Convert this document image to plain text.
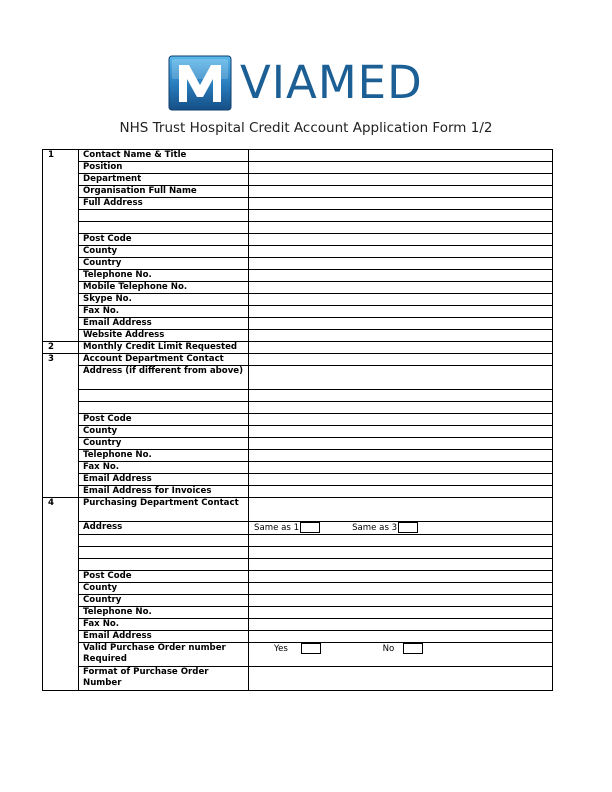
VIAMED
NHS Trust Hospital Credit Account Application Form 1/2
1	Contact Name & Title	
	Position	
	Department	
	Organisation Full Name	
	Full Address	

	Post Code	
	County	
	Country	
	Telephone No.	
	Mobile Telephone No.	
	Skype No.	
	Fax No.	
	Email Address	
	Website Address	
2	Monthly Credit Limit Requested	
3	Account Department Contact	
	Address (if different from above)	

	Post Code	
	County	
	Country	
	Telephone No.	
	Fax No.	
	Email Address	
	Email Address for Invoices	
4	Purchasing Department Contact	
	Address	Same as 1 Same as 3

	Post Code	
	County	
	Country	
	Telephone No.	
	Fax No.	
	Email Address	
	Valid Purchase Order number Required	Yes No
	Format of Purchase Order Number	
